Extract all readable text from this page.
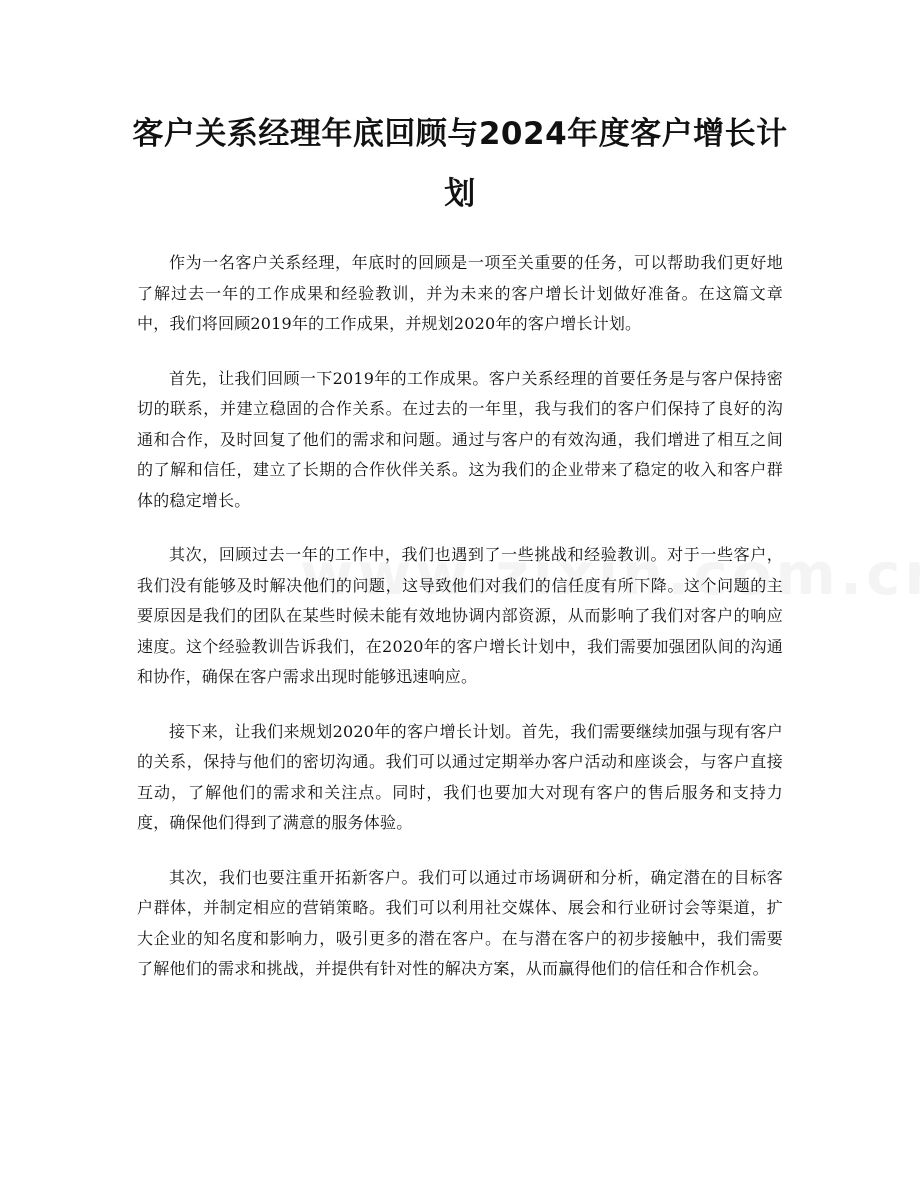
客户关系经理年底回顾与2024年度客户增长计划

作为一名客户关系经理，年底时的回顾是一项至关重要的任务，可以帮助我们更好地了解过去一年的工作成果和经验教训，并为未来的客户增长计划做好准备。在这篇文章中，我们将回顾2019年的工作成果，并规划2020年的客户增长计划。

首先，让我们回顾一下2019年的工作成果。客户关系经理的首要任务是与客户保持密切的联系，并建立稳固的合作关系。在过去的一年里，我与我们的客户们保持了良好的沟通和合作，及时回复了他们的需求和问题。通过与客户的有效沟通，我们增进了相互之间的了解和信任，建立了长期的合作伙伴关系。这为我们的企业带来了稳定的收入和客户群体的稳定增长。

其次，回顾过去一年的工作中，我们也遇到了一些挑战和经验教训。对于一些客户，我们没有能够及时解决他们的问题，这导致他们对我们的信任度有所下降。这个问题的主要原因是我们的团队在某些时候未能有效地协调内部资源，从而影响了我们对客户的响应速度。这个经验教训告诉我们，在2020年的客户增长计划中，我们需要加强团队间的沟通和协作，确保在客户需求出现时能够迅速响应。

接下来，让我们来规划2020年的客户增长计划。首先，我们需要继续加强与现有客户的关系，保持与他们的密切沟通。我们可以通过定期举办客户活动和座谈会，与客户直接互动，了解他们的需求和关注点。同时，我们也要加大对现有客户的售后服务和支持力度，确保他们得到了满意的服务体验。

其次，我们也要注重开拓新客户。我们可以通过市场调研和分析，确定潜在的目标客户群体，并制定相应的营销策略。我们可以利用社交媒体、展会和行业研讨会等渠道，扩大企业的知名度和影响力，吸引更多的潜在客户。在与潜在客户的初步接触中，我们需要了解他们的需求和挑战，并提供有针对性的解决方案，从而赢得他们的信任和合作机会。
